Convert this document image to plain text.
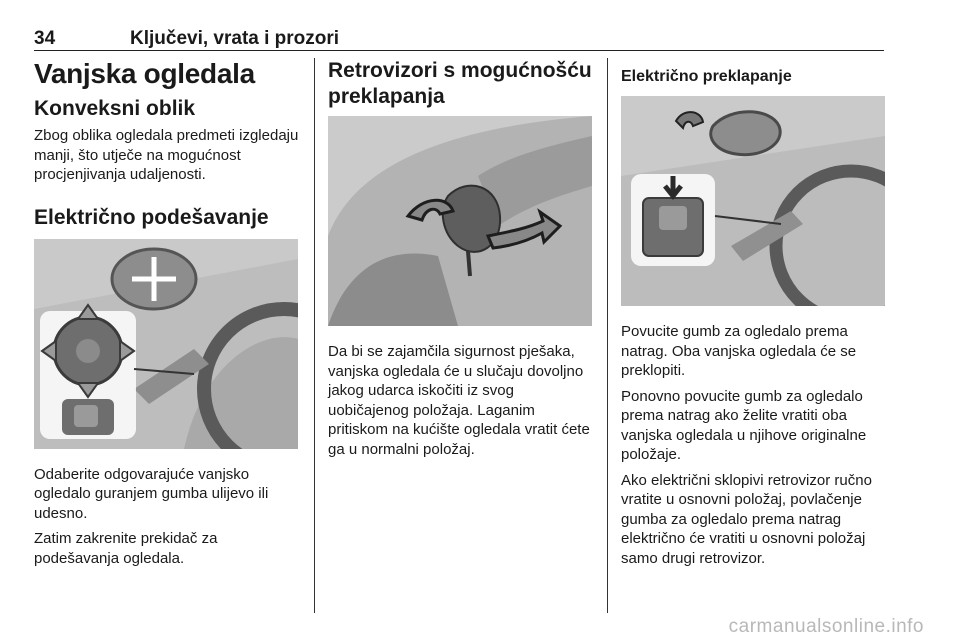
34	Ključevi, vrata i prozori
Vanjska ogledala
Konveksni oblik

Zbog oblika ogledala predmeti izgledaju manji, što utječe na mogućnost procjenjivanja udaljenosti.

Električno podešavanje

Odaberite odgovarajuće vanjsko ogledalo guranjem gumba ulijevo ili udesno.

Zatim zakrenite prekidač za podešavanja ogledala.

Retrovizori s mogućnošću preklapanja

Da bi se zajamčila sigurnost pješaka, vanjska ogledala će u slučaju dovoljno jakog udarca iskočiti iz svog uobičajenog položaja. Laganim pritiskom na kućište ogledala vratit ćete ga u normalni položaj.

Električno preklapanje

Povucite gumb za ogledalo prema natrag. Oba vanjska ogledala će se preklopiti.

Ponovno povucite gumb za ogledalo prema natrag ako želite vratiti oba vanjska ogledala u njihove originalne položaje.

Ako električni sklopivi retrovizor ručno vratite u osnovni položaj, povlačenje gumba za ogledalo prema natrag električno će vratiti u osnovni položaj samo drugi retrovizor.

carmanualsonline.info
